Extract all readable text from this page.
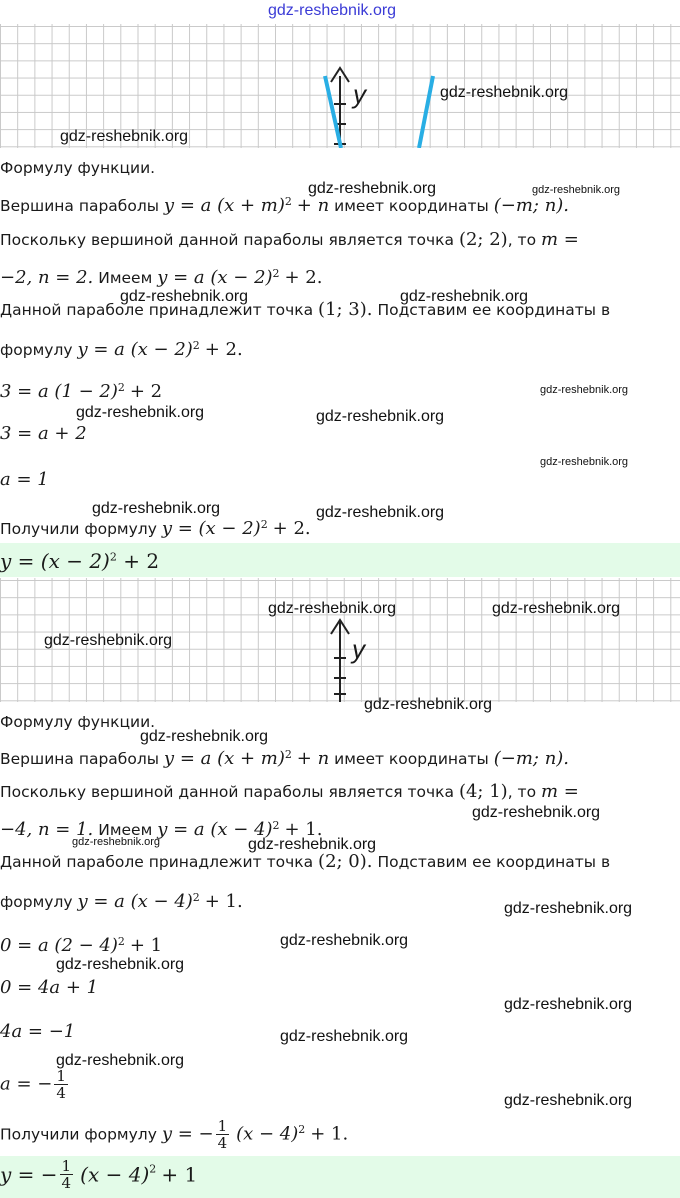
gdz-reshebnik.org
y
Формулу функции.
Вершина параболы y = a $(x + m)^2 + n$ имеет координаты (−m; n).
Поскольку вершиной данной параболы является точка (2; 2), то m =
−2, n = 2. Имеем y = a $(x - 2)^2 + 2$.
Данной параболе принадлежит точка (1; 3). Подставим ее координаты в
формулу y = a $(x - 2)^2 + 2$.
3 = a $(1 - 2)^2 + 2$
3 = a + 2
a = 1
Получили формулу $y = (x - 2)^2 + 2$.
$y = (x - 2)^2 + 2$
y
Формулу функции.
Вершина параболы y = a $(x + m)^2 + n$ имеет координаты (−m; n).
Поскольку вершиной данной параболы является точка (4; 1), то m =
−4, n = 1. Имеем y = a $(x - 4)^2 + 1$.
Данной параболе принадлежит точка (2; 0). Подставим ее координаты в
формулу y = a $(x - 4)^2 + 1$.
0 = a $(2 - 4)^2 + 1$
0 = 4a + 1
4a = −1
a = − $\frac{1}{4}$
Получили формулу y = − $\frac{1}{4} (x - 4)^2 + 1$.
y = − $\frac{1}{4} (x - 4)^2 + 1$
gdz-reshebnik.org
gdz-reshebnik.org
gdz-reshebnik.org	gdz-reshebnik.org
gdz-reshebnik.org	gdz-reshebnik.org
gdz-reshebnik.org
gdz-reshebnik.org	gdz-reshebnik.org
gdz-reshebnik.org
gdz-reshebnik.org	gdz-reshebnik.org
gdz-reshebnik.org	gdz-reshebnik.org
gdz-reshebnik.org
gdz-reshebnik.org
gdz-reshebnik.org
gdz-reshebnik.org
gdz-reshebnik.org	gdz-reshebnik.org
gdz-reshebnik.org
gdz-reshebnik.org
gdz-reshebnik.org
gdz-reshebnik.org
gdz-reshebnik.org
gdz-reshebnik.org
gdz-reshebnik.org
